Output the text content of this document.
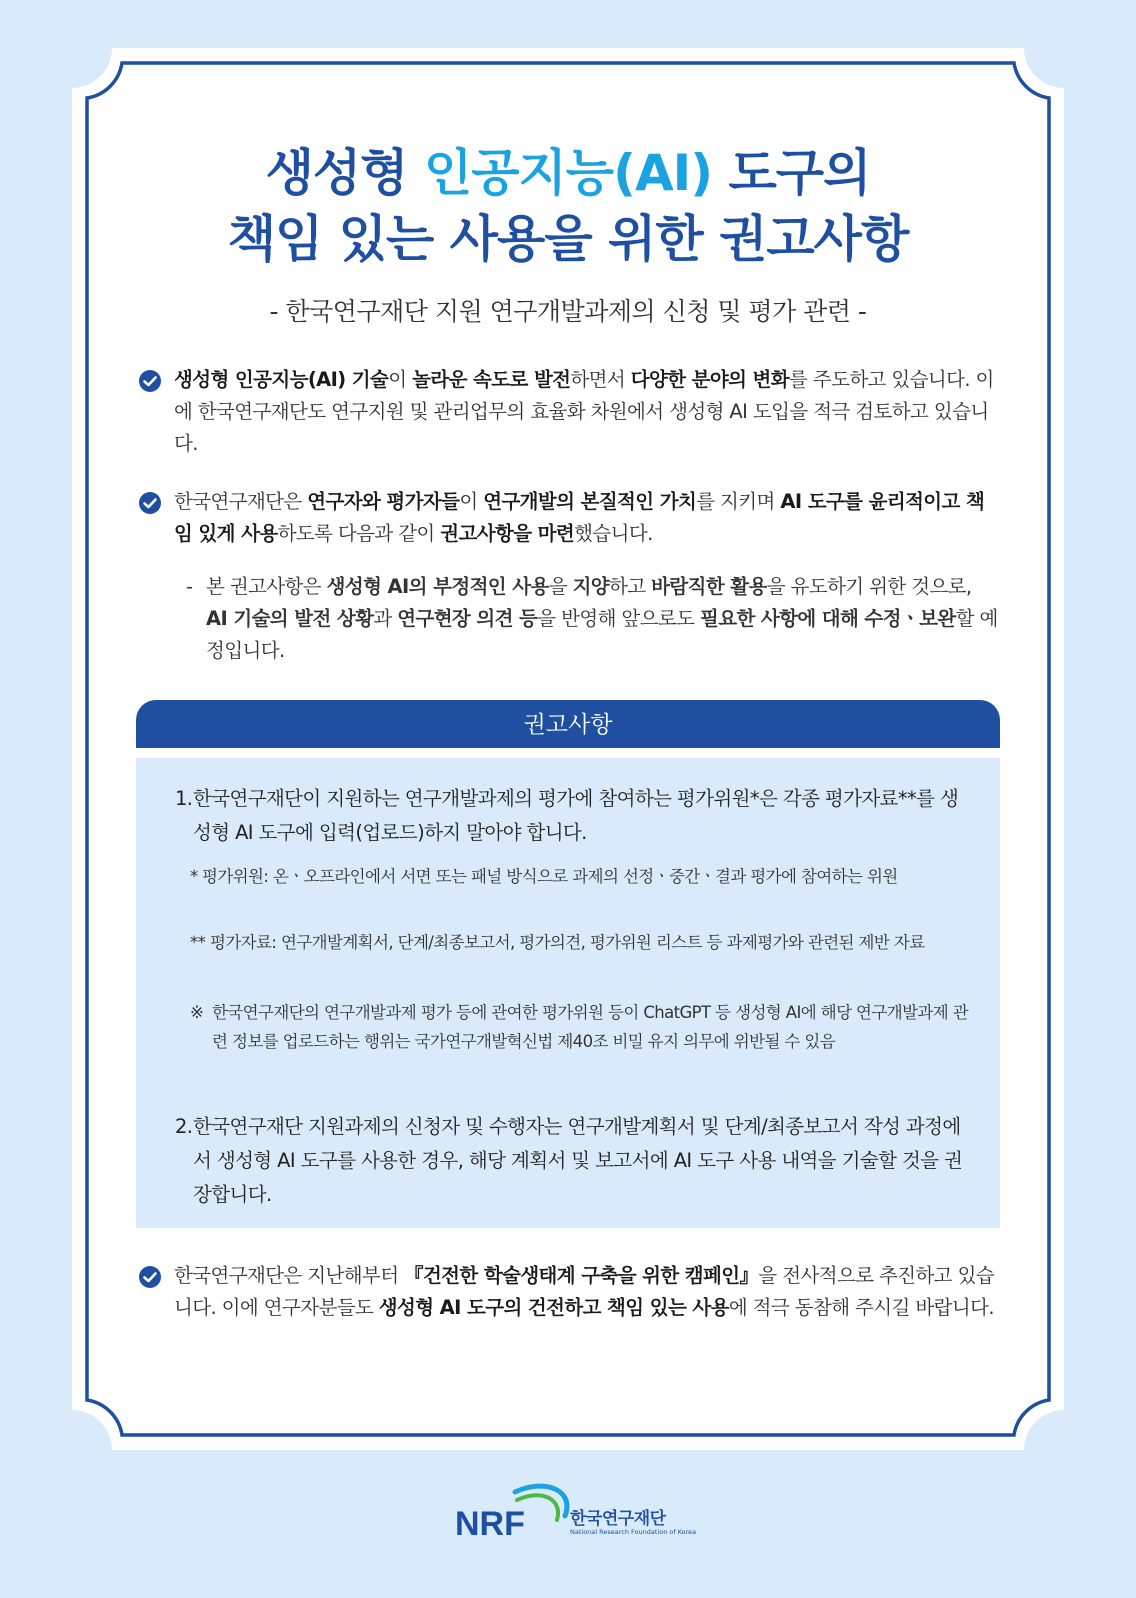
생성형 인공지능(AI) 도구의
책임 있는 사용을 위한 권고사항
- 한국연구재단 지원 연구개발과제의 신청 및 평가 관련 -
생성형 인공지능(AI) 기술이 놀라운 속도로 발전하면서 다양한 분야의 변화를 주도하고 있습니다. 이에 한국연구재단도 연구지원 및 관리업무의 효율화 차원에서 생성형 AI 도입을 적극 검토하고 있습니다.
한국연구재단은 연구자와 평가자들이 연구개발의 본질적인 가치를 지키며 AI 도구를 윤리적이고 책임 있게 사용하도록 다음과 같이 권고사항을 마련했습니다.
- 본 권고사항은 생성형 AI의 부정적인 사용을 지양하고 바람직한 활용을 유도하기 위한 것으로, AI 기술의 발전 상황과 연구현장 의견 등을 반영해 앞으로도 필요한 사항에 대해 수정ㆍ보완할 예정입니다.
권고사항
1. 한국연구재단이 지원하는 연구개발과제의 평가에 참여하는 평가위원*은 각종 평가자료**를 생성형 AI 도구에 입력(업로드)하지 말아야 합니다.
* 평가위원: 온ㆍ오프라인에서 서면 또는 패널 방식으로 과제의 선정ㆍ중간ㆍ결과 평가에 참여하는 위원
** 평가자료: 연구개발계획서, 단계/최종보고서, 평가의견, 평가위원 리스트 등 과제평가와 관련된 제반 자료
※ 한국연구재단의 연구개발과제 평가 등에 관여한 평가위원 등이 ChatGPT 등 생성형 AI에 해당 연구개발과제 관련 정보를 업로드하는 행위는 국가연구개발혁신법 제40조 비밀 유지 의무에 위반될 수 있음
2. 한국연구재단 지원과제의 신청자 및 수행자는 연구개발계획서 및 단계/최종보고서 작성 과정에서 생성형 AI 도구를 사용한 경우, 해당 계획서 및 보고서에 AI 도구 사용 내역을 기술할 것을 권장합니다.
한국연구재단은 지난해부터 『건전한 학술생태계 구축을 위한 캠페인』을 전사적으로 추진하고 있습니다. 이에 연구자분들도 생성형 AI 도구의 건전하고 책임 있는 사용에 적극 동참해 주시길 바랍니다.
NRF	한국연구재단
National Research Foundation of Korea
